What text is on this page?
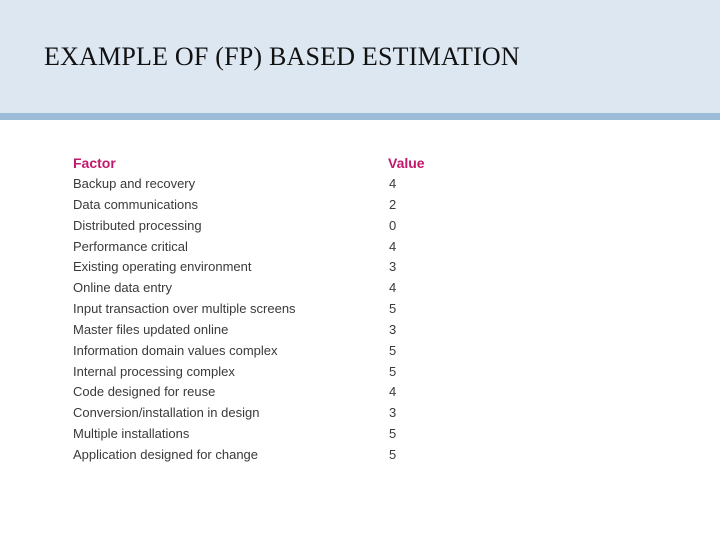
EXAMPLE OF (FP) BASED ESTIMATION
Factor	Value
Backup and recovery	4
Data communications	2
Distributed processing	0
Performance critical	4
Existing operating environment	3
Online data entry	4
Input transaction over multiple screens	5
Master files updated online	3
Information domain values complex	5
Internal processing complex	5
Code designed for reuse	4
Conversion/installation in design	3
Multiple installations	5
Application designed for change	5
